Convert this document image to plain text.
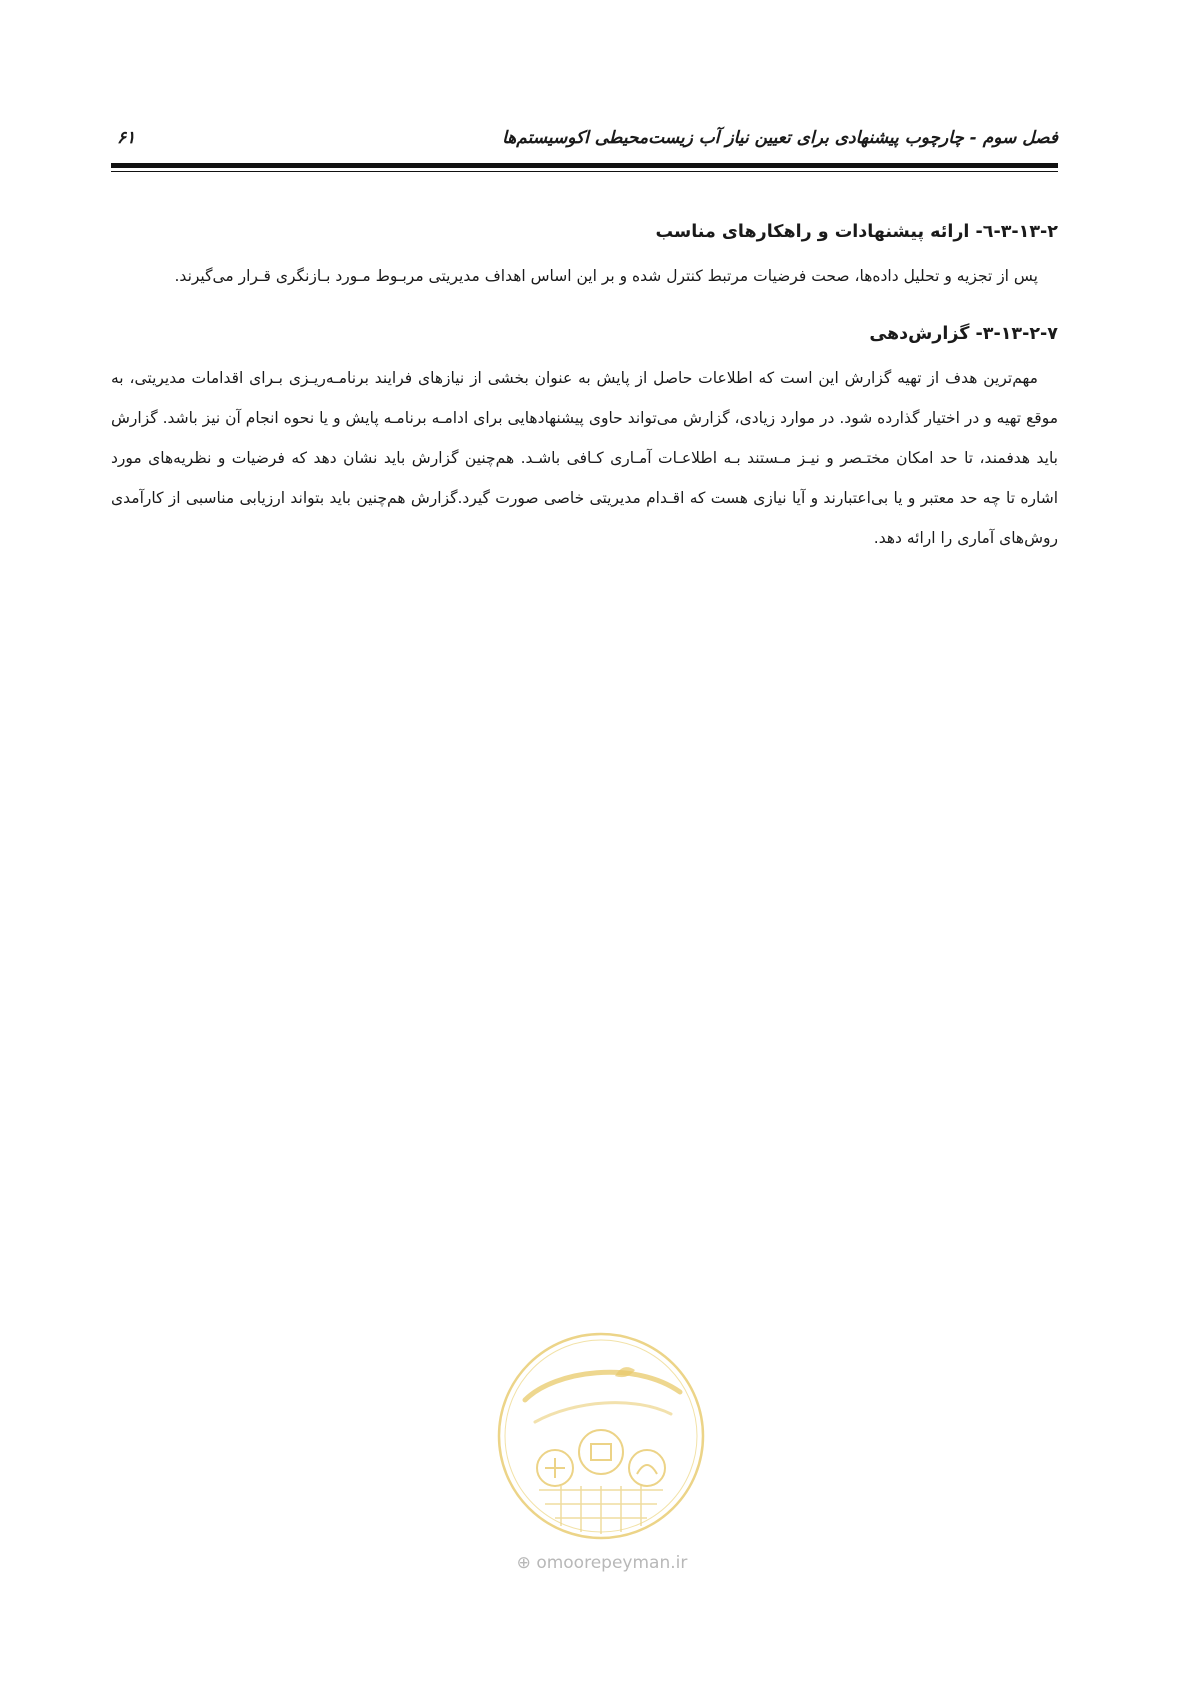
فصل سوم - چارچوب پیشنهادی برای تعیین نیاز آب زیست‌محیطی اکوسیستم‌ها
۶۱
۳-۱۳-۲-٦- ارائه پیشنهادات و راهکارهای مناسب

پس از تجزیه و تحلیل داده‌ها، صحت فرضیات مرتبط کنترل شده و بر این اساس اهداف مدیریتی مربـوط مـورد بـازنگری قـرار می‌گیرند.

۳-۱۳-۲-۷- گزارش‌دهی

مهم‌ترین هدف از تهیه گزارش این است که اطلاعات حاصل از پایش به عنوان بخشی از نیازهای فرایند برنامـه‌ریـزی بـرای اقدامات مدیریتی، به موقع تهیه و در اختیار گذارده شود. در موارد زیادی، گزارش می‌تواند حاوی پیشنهادهایی برای ادامـه برنامـه پایش و یا نحوه انجام آن نیز باشد. گزارش باید هدفمند، تا حد امکان مختـصر و نیـز مـستند بـه اطلاعـات آمـاری کـافی باشـد. هم‌چنین گزارش باید نشان دهد که فرضیات و نظریه‌های مورد اشاره تا چه حد معتبر و یا بی‌اعتبارند و آیا نیازی هست که اقـدام مدیریتی خاصی صورت گیرد.گزارش هم‌چنین باید بتواند ارزیابی مناسبی از کارآمدی روش‌های آماری را ارائه دهد.

⊕ omoorepeyman.ir
